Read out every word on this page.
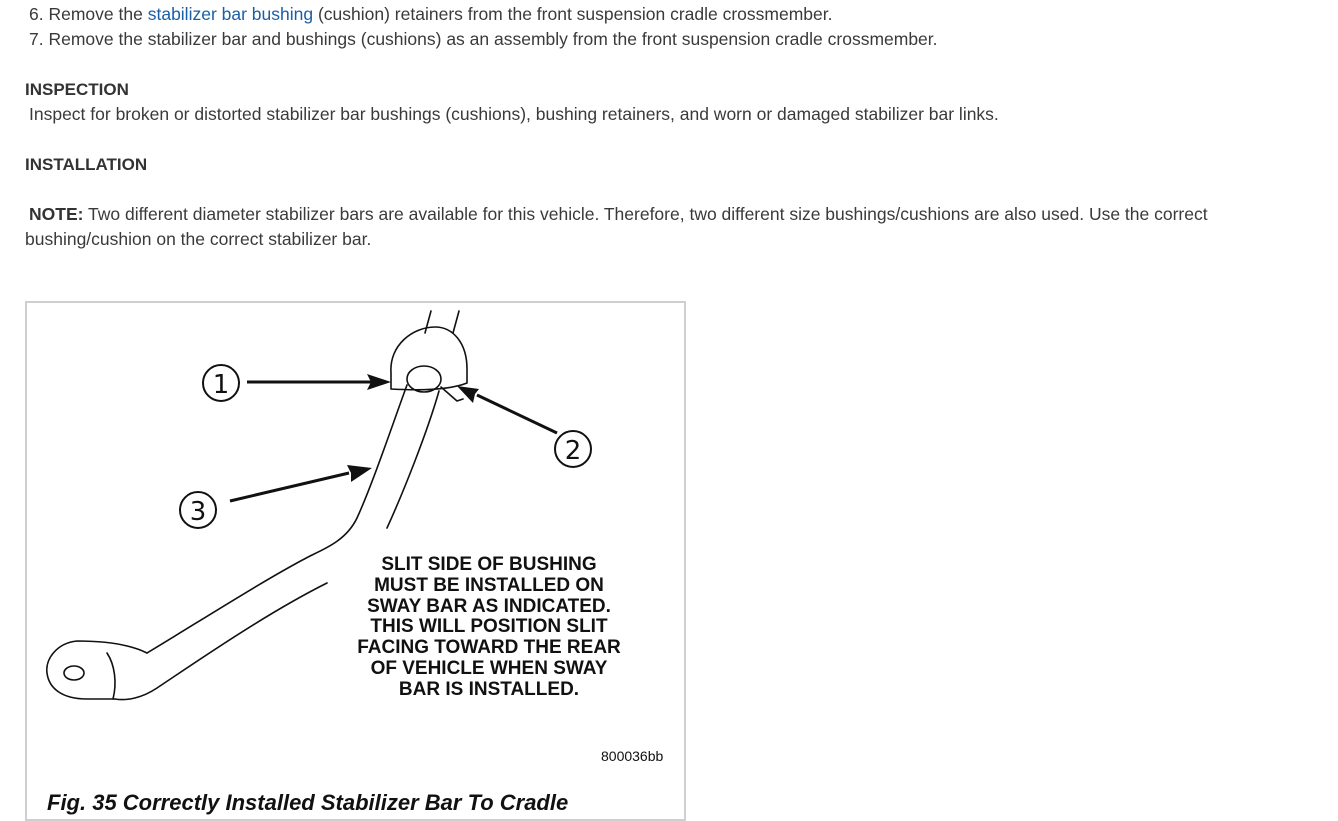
6. Remove the stabilizer bar bushing (cushion) retainers from the front suspension cradle crossmember.
7. Remove the stabilizer bar and bushings (cushions) as an assembly from the front suspension cradle crossmember.
INSPECTION
Inspect for broken or distorted stabilizer bar bushings (cushions), bushing retainers, and worn or damaged stabilizer bar links.
INSTALLATION
NOTE: Two different diameter stabilizer bars are available for this vehicle. Therefore, two different size bushings/cushions are also used. Use the correct
bushing/cushion on the correct stabilizer bar.
1
2
3
SLIT SIDE OF BUSHING
MUST BE INSTALLED ON
SWAY BAR AS INDICATED.
THIS WILL POSITION SLIT
FACING TOWARD THE REAR
OF VEHICLE WHEN SWAY
BAR IS INSTALLED.
800036bb
Fig. 35 Correctly Installed Stabilizer Bar To Cradle
